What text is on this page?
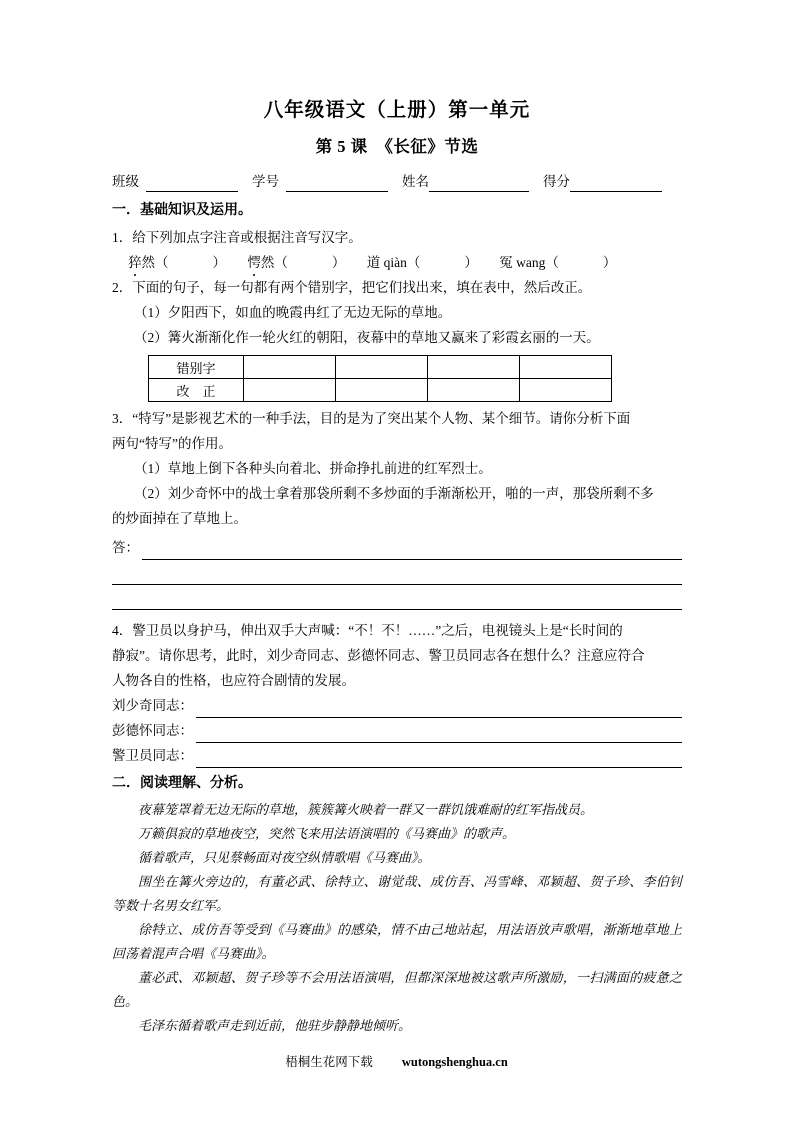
八年级语文（上册）第一单元
第 5 课　《长征》节选
班级	学号	姓名	得分
一．基础知识及运用。
1．给下列加点字注音或根据注音写汉字。
猝然（	） 愕然（	） 道 qiàn（	） 冤 wang（	）
2．下面的句子，每一句都有两个错别字，把它们找出来，填在表中，然后改正。
（1）夕阳西下，如血的晚霞冉红了无边无际的草地。
（2）篝火渐渐化作一轮火红的朝阳，夜幕中的草地又赢来了彩霞玄丽的一天。
错别字				
改　正				
3．“特写”是影视艺术的一种手法，目的是为了突出某个人物、某个细节。请你分析下面
两句“特写”的作用。
（1）草地上倒下各种头向着北、拼命挣扎前进的红军烈士。
（2）刘少奇怀中的战士拿着那袋所剩不多炒面的手渐渐松开，啪的一声，那袋所剩不多
的炒面掉在了草地上。
答：
4．警卫员以身护马，伸出双手大声喊：“不！不！……”之后，电视镜头上是“长时间的
静寂”。请你思考，此时，刘少奇同志、彭德怀同志、警卫员同志各在想什么？注意应符合
人物各自的性格，也应符合剧情的发展。
刘少奇同志：
彭德怀同志：
警卫员同志：
二．阅读理解、分析。
夜幕笼罩着无边无际的草地，簇簇篝火映着一群又一群饥饿难耐的红军指战员。
万籁俱寂的草地夜空，突然飞来用法语演唱的《马赛曲》的歌声。
循着歌声，只见蔡畅面对夜空纵情歌唱《马赛曲》。
围坐在篝火旁边的，有董必武、徐特立、谢觉哉、成仿吾、冯雪峰、邓颖超、贺子珍、李伯钊等数十名男女红军。
徐特立、成仿吾等受到《马赛曲》的感染，情不由己地站起，用法语放声歌唱，渐渐地草地上回荡着混声合唱《马赛曲》。
董必武、邓颖超、贺子珍等不会用法语演唱，但都深深地被这歌声所激励，一扫满面的疲惫之色。
毛泽东循着歌声走到近前，他驻步静静地倾听。
梧桐生花网下载 wutongshenghua.cn
